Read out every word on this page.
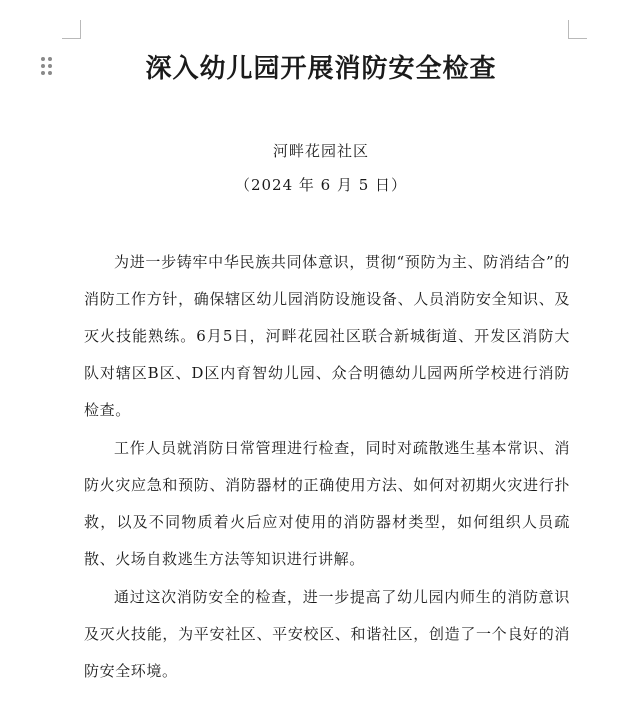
深入幼儿园开展消防安全检查

河畔花园社区

（2024 年 6 月 5 日）

为进一步铸牢中华民族共同体意识，贯彻“预防为主、防消结合”的消防工作方针，确保辖区幼儿园消防设施设备、人员消防安全知识、及灭火技能熟练。6月5日，河畔花园社区联合新城街道、开发区消防大队对辖区B区、D区内育智幼儿园、众合明德幼儿园两所学校进行消防检查。

工作人员就消防日常管理进行检查，同时对疏散逃生基本常识、消防火灾应急和预防、消防器材的正确使用方法、如何对初期火灾进行扑救，以及不同物质着火后应对使用的消防器材类型，如何组织人员疏散、火场自救逃生方法等知识进行讲解。

通过这次消防安全的检查，进一步提高了幼儿园内师生的消防意识及灭火技能，为平安社区、平安校区、和谐社区，创造了一个良好的消防安全环境。
